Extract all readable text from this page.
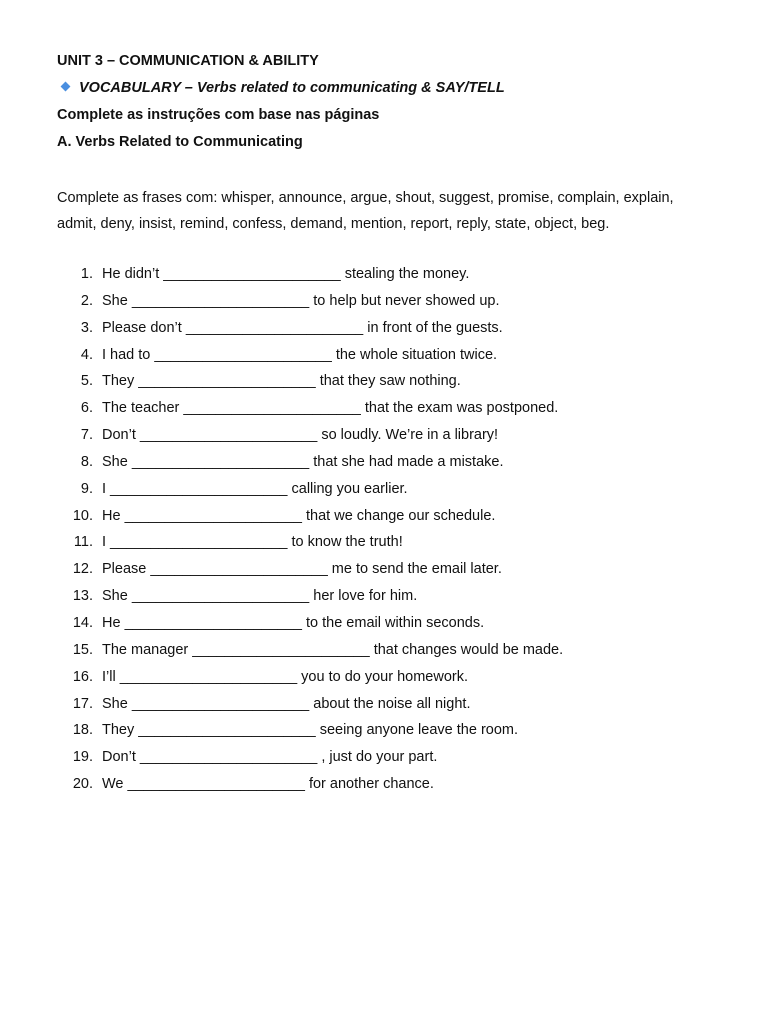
UNIT 3 – COMMUNICATION & ABILITY
VOCABULARY – Verbs related to communicating & SAY/TELL
Complete as instruções com base nas páginas
A. Verbs Related to Communicating
Complete as frases com: whisper, announce, argue, shout, suggest, promise, complain, explain, admit, deny, insist, remind, confess, demand, mention, report, reply, state, object, beg.
1. He didn’t ______________________ stealing the money.
2. She ______________________ to help but never showed up.
3. Please don’t ______________________ in front of the guests.
4. I had to ______________________ the whole situation twice.
5. They ______________________ that they saw nothing.
6. The teacher ______________________ that the exam was postponed.
7. Don’t ______________________ so loudly. We’re in a library!
8. She ______________________ that she had made a mistake.
9. I ______________________ calling you earlier.
10. He ______________________ that we change our schedule.
11. I ______________________ to know the truth!
12. Please ______________________ me to send the email later.
13. She ______________________ her love for him.
14. He ______________________ to the email within seconds.
15. The manager ______________________ that changes would be made.
16. I’ll ______________________ you to do your homework.
17. She ______________________ about the noise all night.
18. They ______________________ seeing anyone leave the room.
19. Don’t ______________________ , just do your part.
20. We ______________________ for another chance.
